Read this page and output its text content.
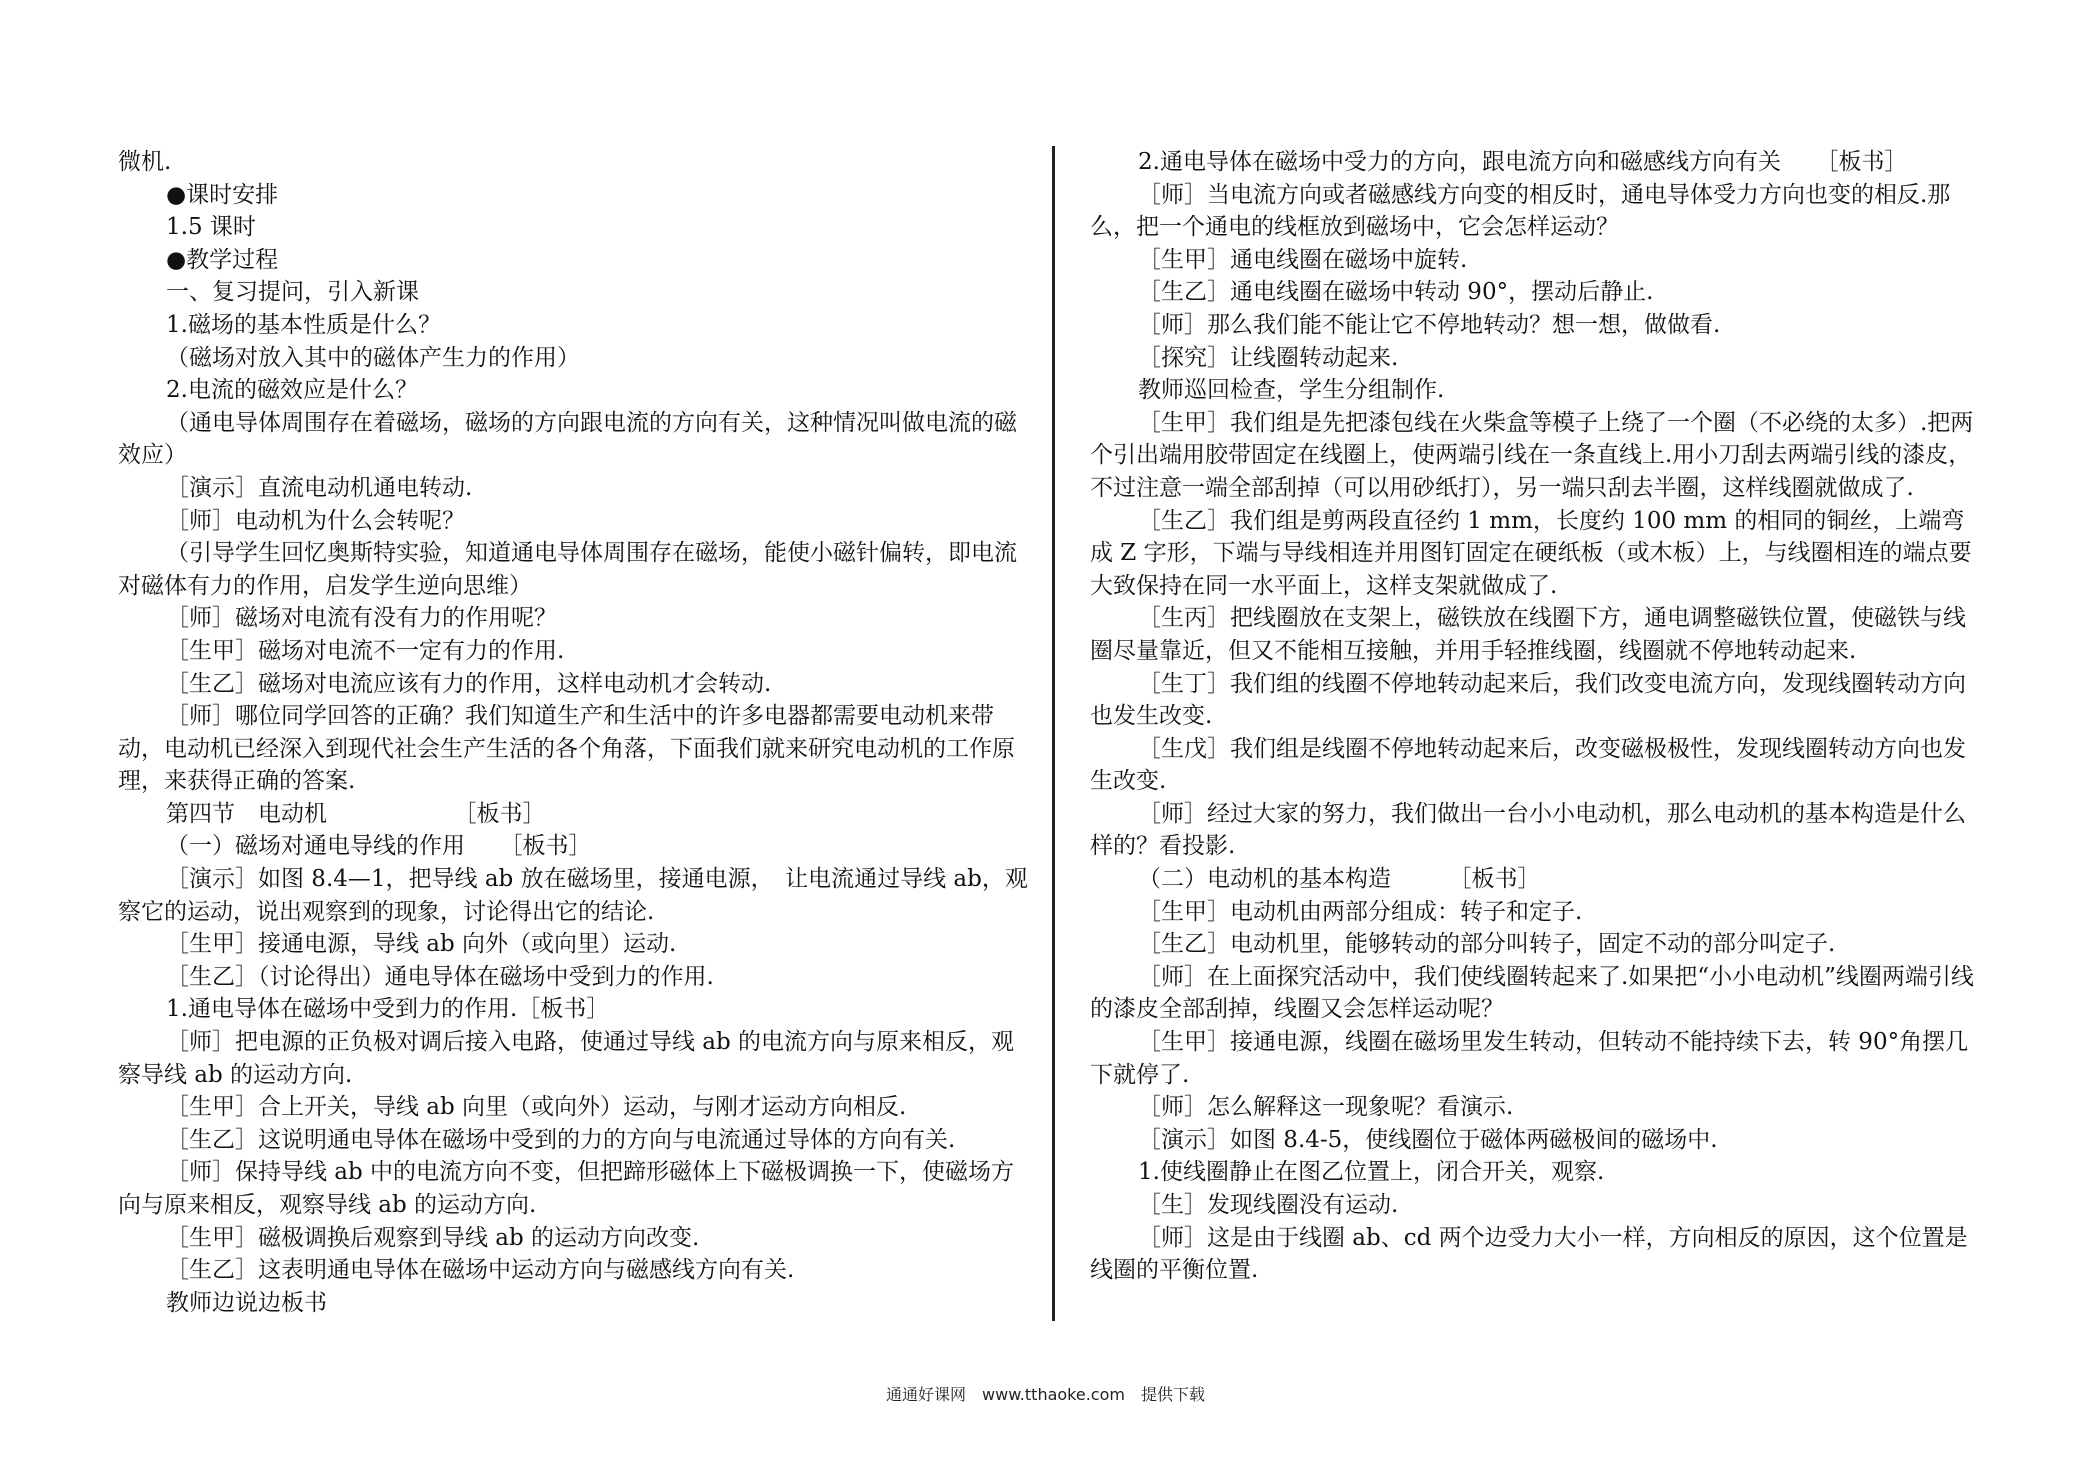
微机.

●课时安排

1.5 课时

●教学过程

一、复习提问，引入新课

1.磁场的基本性质是什么？

（磁场对放入其中的磁体产生力的作用）

2.电流的磁效应是什么？

（通电导体周围存在着磁场，磁场的方向跟电流的方向有关，这种情况叫做电流的磁效应）

［演示］直流电动机通电转动.

［师］电动机为什么会转呢？

（引导学生回忆奥斯特实验，知道通电导体周围存在磁场，能使小磁针偏转，即电流对磁体有力的作用，启发学生逆向思维）

［师］磁场对电流有没有力的作用呢？

［生甲］磁场对电流不一定有力的作用.

［生乙］磁场对电流应该有力的作用，这样电动机才会转动.

［师］哪位同学回答的正确？我们知道生产和生活中的许多电器都需要电动机来带动，电动机已经深入到现代社会生产生活的各个角落，下面我们就来研究电动机的工作原理，来获得正确的答案.

第四节　电动机　　　　　　［板书］

（一）磁场对通电导线的作用　　［板书］

［演示］如图 8.4—1，把导线 ab 放在磁场里，接通电源，　让电流通过导线 ab，观察它的运动，说出观察到的现象，讨论得出它的结论.

［生甲］接通电源，导线 ab 向外（或向里）运动.

［生乙］（讨论得出）通电导体在磁场中受到力的作用.

1.通电导体在磁场中受到力的作用.［板书］

［师］把电源的正负极对调后接入电路，使通过导线 ab 的电流方向与原来相反，观察导线 ab 的运动方向.

［生甲］合上开关，导线 ab 向里（或向外）运动，与刚才运动方向相反.

［生乙］这说明通电导体在磁场中受到的力的方向与电流通过导体的方向有关.

［师］保持导线 ab 中的电流方向不变，但把蹄形磁体上下磁极调换一下，使磁场方向与原来相反，观察导线 ab 的运动方向.

［生甲］磁极调换后观察到导线 ab 的运动方向改变.

［生乙］这表明通电导体在磁场中运动方向与磁感线方向有关.

教师边说边板书

2.通电导体在磁场中受力的方向，跟电流方向和磁感线方向有关　　［板书］

［师］当电流方向或者磁感线方向变的相反时，通电导体受力方向也变的相反.那么，把一个通电的线框放到磁场中，它会怎样运动？

［生甲］通电线圈在磁场中旋转.

［生乙］通电线圈在磁场中转动 90°，摆动后静止.

［师］那么我们能不能让它不停地转动？想一想，做做看.

［探究］让线圈转动起来.

教师巡回检查，学生分组制作.

［生甲］我们组是先把漆包线在火柴盒等模子上绕了一个圈（不必绕的太多）.把两个引出端用胶带固定在线圈上，使两端引线在一条直线上.用小刀刮去两端引线的漆皮，不过注意一端全部刮掉（可以用砂纸打），另一端只刮去半圈，这样线圈就做成了.

［生乙］我们组是剪两段直径约 1 mm，长度约 100 mm 的相同的铜丝，上端弯成 Z 字形，下端与导线相连并用图钉固定在硬纸板（或木板）上，与线圈相连的端点要大致保持在同一水平面上，这样支架就做成了.

［生丙］把线圈放在支架上，磁铁放在线圈下方，通电调整磁铁位置，使磁铁与线圈尽量靠近，但又不能相互接触，并用手轻推线圈，线圈就不停地转动起来.

［生丁］我们组的线圈不停地转动起来后，我们改变电流方向，发现线圈转动方向也发生改变.

［生戊］我们组是线圈不停地转动起来后，改变磁极极性，发现线圈转动方向也发生改变.

［师］经过大家的努力，我们做出一台小小电动机，那么电动机的基本构造是什么样的？看投影.

（二）电动机的基本构造　　　［板书］

［生甲］电动机由两部分组成：转子和定子.

［生乙］电动机里，能够转动的部分叫转子，固定不动的部分叫定子.

［师］在上面探究活动中，我们使线圈转起来了.如果把“小小电动机”线圈两端引线的漆皮全部刮掉，线圈又会怎样运动呢？

［生甲］接通电源，线圈在磁场里发生转动，但转动不能持续下去，转 90°角摆几下就停了.

［师］怎么解释这一现象呢？看演示.

［演示］如图 8.4-5，使线圈位于磁体两磁极间的磁场中.

1.使线圈静止在图乙位置上，闭合开关，观察.

［生］发现线圈没有运动.

［师］这是由于线圈 ab、cd 两个边受力大小一样，方向相反的原因，这个位置是线圈的平衡位置.

通通好课网　www.tthaoke.com　提供下载
